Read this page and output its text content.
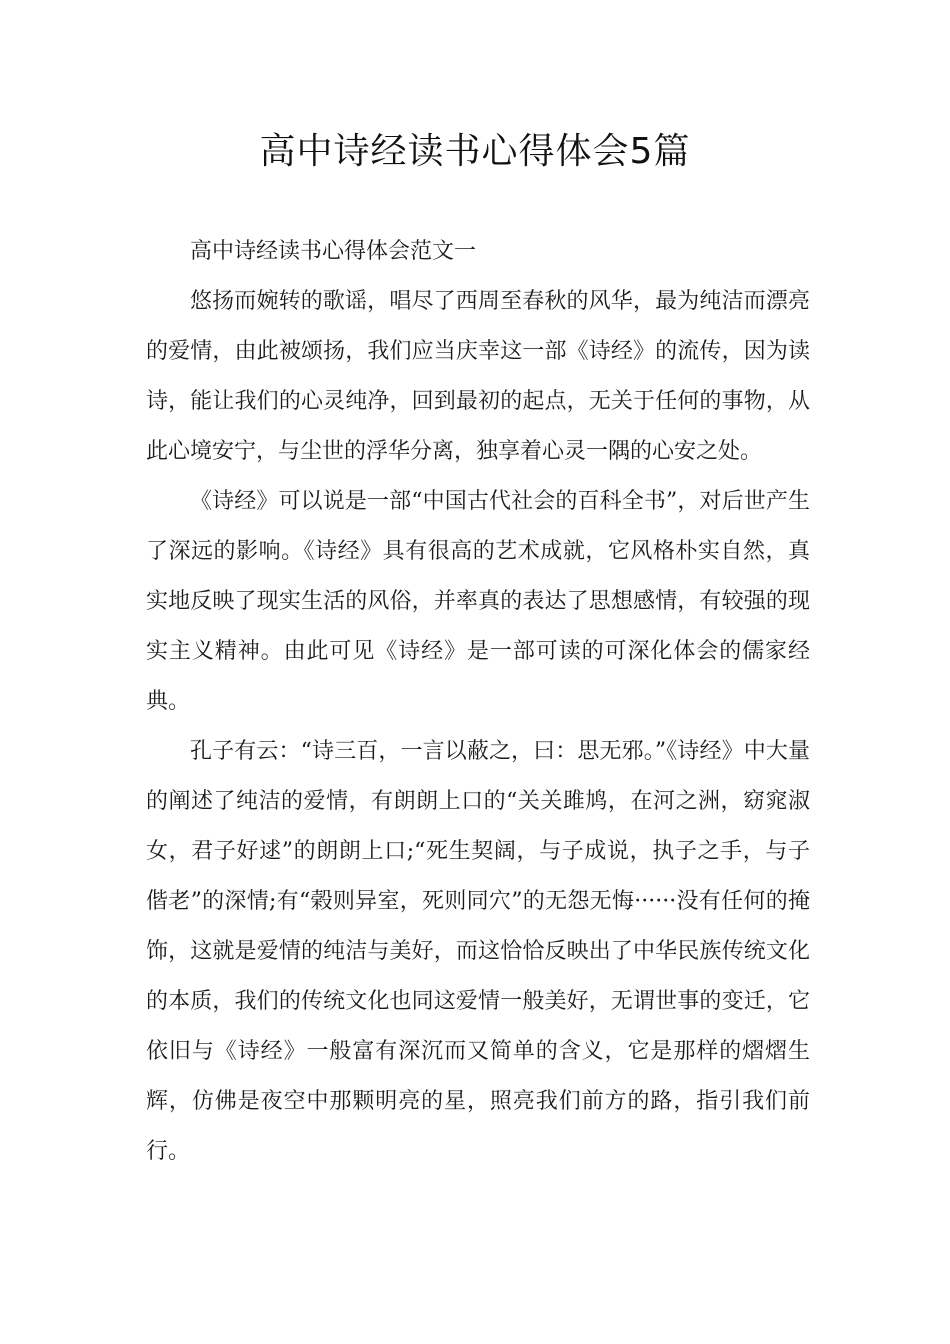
高中诗经读书心得体会5篇

高中诗经读书心得体会范文一

悠扬而婉转的歌谣，唱尽了西周至春秋的风华，最为纯洁而漂亮的爱情，由此被颂扬，我们应当庆幸这一部《诗经》的流传，因为读诗，能让我们的心灵纯净，回到最初的起点，无关于任何的事物，从此心境安宁，与尘世的浮华分离，独享着心灵一隅的心安之处。

《诗经》可以说是一部“中国古代社会的百科全书”，对后世产生了深远的影响。《诗经》具有很高的艺术成就，它风格朴实自然，真实地反映了现实生活的风俗，并率真的表达了思想感情，有较强的现实主义精神。由此可见《诗经》是一部可读的可深化体会的儒家经典。

孔子有云：“诗三百，一言以蔽之，曰：思无邪。”《诗经》中大量的阐述了纯洁的爱情，有朗朗上口的“关关雎鸠，在河之洲，窈窕淑女，君子好逑”的朗朗上口;“死生契阔，与子成说，执子之手，与子偕老”的深情;有“榖则异室，死则同穴”的无怨无悔······没有任何的掩饰，这就是爱情的纯洁与美好，而这恰恰反映出了中华民族传统文化的本质，我们的传统文化也同这爱情一般美好，无谓世事的变迁，它依旧与《诗经》一般富有深沉而又简单的含义，它是那样的熠熠生辉，仿佛是夜空中那颗明亮的星，照亮我们前方的路，指引我们前行。
